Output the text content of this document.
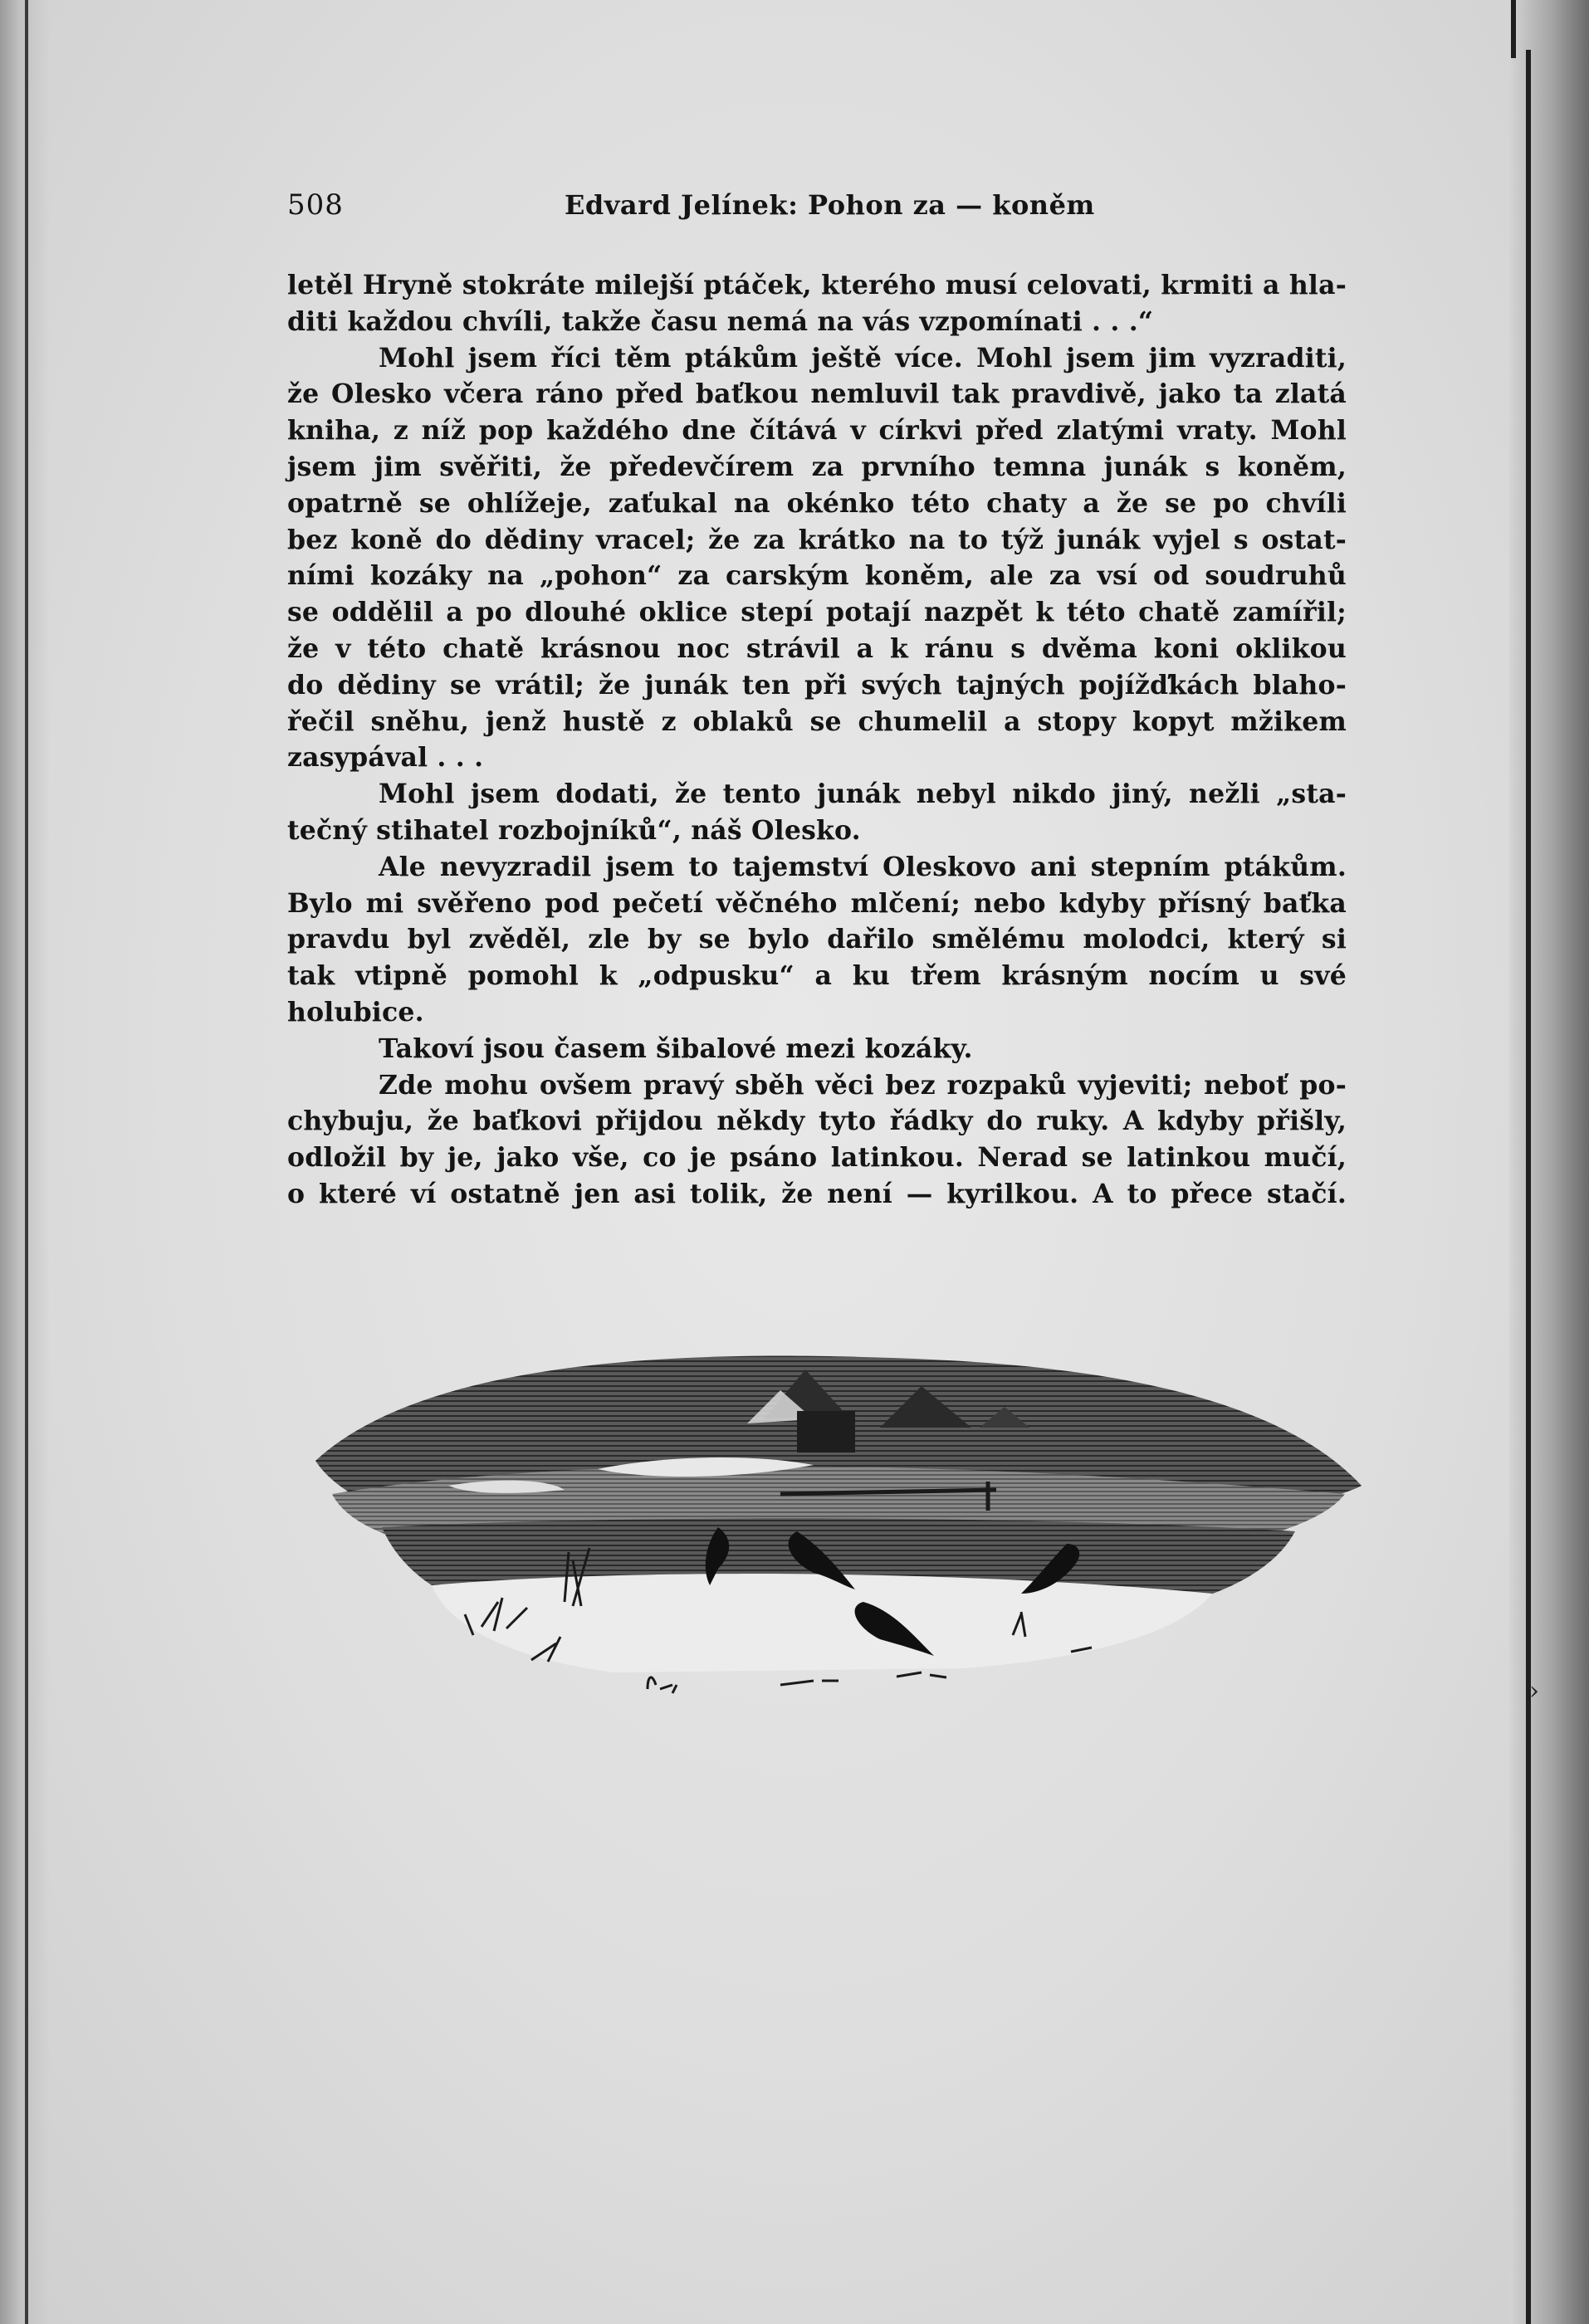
508	Edvard Jelínek: Pohon za — koněm
letěl Hryně stokráte milejší ptáček, kterého musí celovati, krmiti a hla-
diti každou chvíli, takže času nemá na vás vzpomínati . . .“
Mohl jsem říci těm ptákům ještě více. Mohl jsem jim vyzraditi,
že Olesko včera ráno před baťkou nemluvil tak pravdivě, jako ta zlatá
kniha, z níž pop každého dne čítává v církvi před zlatými vraty. Mohl
jsem jim svěřiti, že předevčírem za prvního temna junák s koněm,
opatrně se ohlížeje, zaťukal na okénko této chaty a že se po chvíli
bez koně do dědiny vracel; že za krátko na to týž junák vyjel s ostat-
ními kozáky na „pohon“ za carským koněm, ale za vsí od soudruhů
se oddělil a po dlouhé oklice stepí potají nazpět k této chatě zamířil;
že v této chatě krásnou noc strávil a k ránu s dvěma koni oklikou
do dědiny se vrátil; že junák ten při svých tajných pojížďkách blaho-
řečil sněhu, jenž hustě z oblaků se chumelil a stopy kopyt mžikem
zasypával . . .
Mohl jsem dodati, že tento junák nebyl nikdo jiný, nežli „sta-
tečný stihatel rozbojníků“, náš Olesko.
Ale nevyzradil jsem to tajemství Oleskovo ani stepním ptákům.
Bylo mi svěřeno pod pečetí věčného mlčení; nebo kdyby přísný baťka
pravdu byl zvěděl, zle by se bylo dařilo smělému molodci, který si
tak vtipně pomohl k „odpusku“ a ku třem krásným nocím u své
holubice.
Takoví jsou časem šibalové mezi kozáky.
Zde mohu ovšem pravý sběh věci bez rozpaků vyjeviti; neboť po-
chybuju, že baťkovi přijdou někdy tyto řádky do ruky. A kdyby přišly,
odložil by je, jako vše, co je psáno latinkou. Nerad se latinkou mučí,
o které ví ostatně jen asi tolik, že není — kyrilkou. A to přece stačí.
›
